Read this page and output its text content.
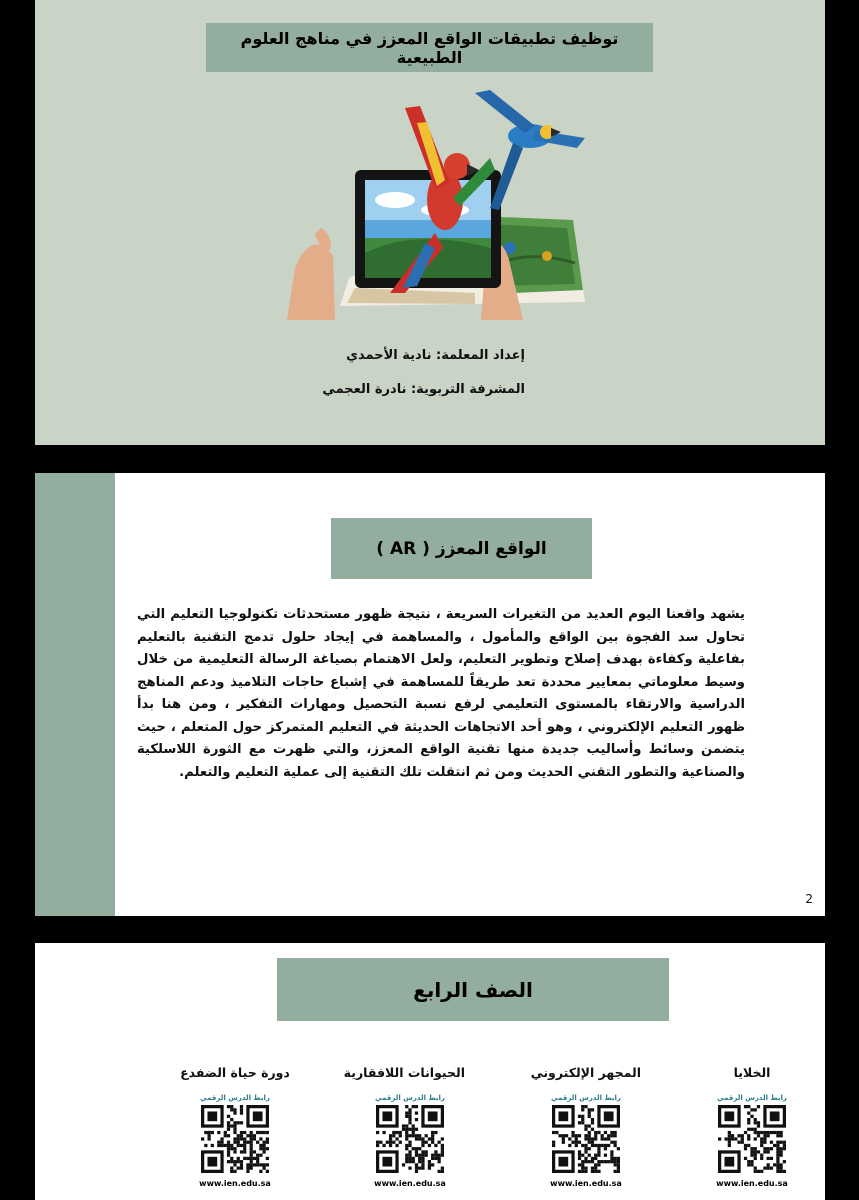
توظيف تطبيقات الواقع المعزز في مناهج العلوم الطبيعية
إعداد المعلمة: نادية الأحمدي
المشرفة التربوية: نادرة العجمي
الواقع المعزز ( AR )
يشهد واقعنا اليوم العديد من التغيرات السريعة ، نتيجة ظهور مستحدثات تكنولوجيا التعليم التي تحاول سد الفجوة بين الواقع والمأمول ، والمساهمة في إيجاد حلول تدمج التقنية بالتعليم بفاعلية وكفاءة بهدف إصلاح وتطوير التعليم، ولعل الاهتمام بصياغة الرسالة التعليمية من خلال وسيط معلوماتي بمعايير محددة تعد طريقاً للمساهمة في إشباع حاجات التلاميذ ودعم المناهج الدراسية والارتقاء بالمستوى التعليمي لرفع نسبة التحصيل ومهارات التفكير ، ومن هنا بدأ ظهور التعليم الإلكتروني ، وهو أحد الاتجاهات الحديثة في التعليم المتمركز حول المتعلم ، حيث يتضمن وسائط وأساليب جديدة منها تقنية الواقع المعزز، والتي ظهرت مع الثورة اللاسلكية والصناعية والتطور التقني الحديث ومن ثم انتقلت تلك التقنية إلى عملية التعليم والتعلم.
2
الصف الرابع
الخلايا
رابط الدرس الرقمي
www.ien.edu.sa
المجهر الإلكتروني
رابط الدرس الرقمي
www.ien.edu.sa
الحيوانات اللافقارية
رابط الدرس الرقمي
www.ien.edu.sa
دورة حياة الضفدع
رابط الدرس الرقمي
www.ien.edu.sa
